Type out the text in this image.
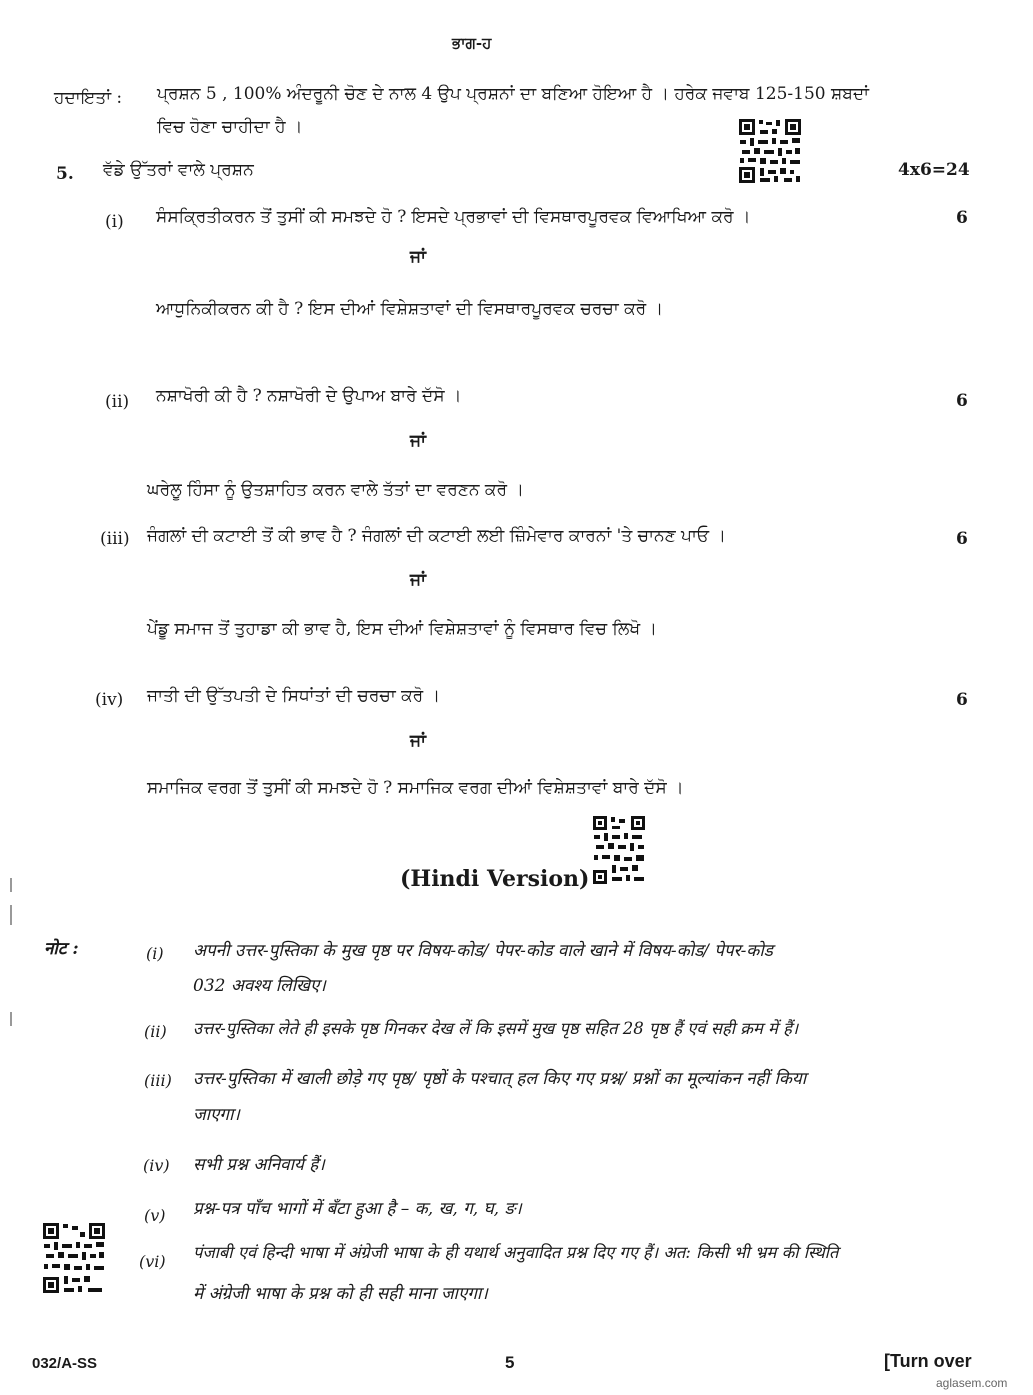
ਭਾਗ-ਹ
ਹਦਾਇਤਾਂ : ਪ੍ਰਸ਼ਨ 5 , 100% ਅੰਦਰੂਨੀ ਚੋਣ ਦੇ ਨਾਲ 4 ਉਪ ਪ੍ਰਸ਼ਨਾਂ ਦਾ ਬਣਿਆ ਹੋਇਆ ਹੈ । ਹਰੇਕ ਜਵਾਬ 125-150 ਸ਼ਬਦਾਂ
ਵਿਚ ਹੋਣਾ ਚਾਹੀਦਾ ਹੈ ।
5. ਵੱਡੇ ਉੱਤਰਾਂ ਵਾਲੇ ਪ੍ਰਸ਼ਨ	4x6=24
(i) ਸੰਸਕ੍ਰਿਤੀਕਰਨ ਤੋਂ ਤੁਸੀਂ ਕੀ ਸਮਝਦੇ ਹੋ ? ਇਸਦੇ ਪ੍ਰਭਾਵਾਂ ਦੀ ਵਿਸਥਾਰਪੂਰਵਕ ਵਿਆਖਿਆ ਕਰੋ ।	6
ਜਾਂ
ਆਧੁਨਿਕੀਕਰਨ ਕੀ ਹੈ ? ਇਸ ਦੀਆਂ ਵਿਸ਼ੇਸ਼ਤਾਵਾਂ ਦੀ ਵਿਸਥਾਰਪੂਰਵਕ ਚਰਚਾ ਕਰੋ ।
(ii) ਨਸ਼ਾਖੋਰੀ ਕੀ ਹੈ ? ਨਸ਼ਾਖੋਰੀ ਦੇ ਉਪਾਅ ਬਾਰੇ ਦੱਸੋ ।	6
ਜਾਂ
ਘਰੇਲੂ ਹਿੰਸਾ ਨੂੰ ਉਤਸ਼ਾਹਿਤ ਕਰਨ ਵਾਲੇ ਤੱਤਾਂ ਦਾ ਵਰਣਨ ਕਰੋ ।
(iii) ਜੰਗਲਾਂ ਦੀ ਕਟਾਈ ਤੋਂ ਕੀ ਭਾਵ ਹੈ ? ਜੰਗਲਾਂ ਦੀ ਕਟਾਈ ਲਈ ਜ਼ਿੰਮੇਵਾਰ ਕਾਰਨਾਂ 'ਤੇ ਚਾਨਣ ਪਾਓ ।	6
ਜਾਂ
ਪੇਂਡੂ ਸਮਾਜ ਤੋਂ ਤੁਹਾਡਾ ਕੀ ਭਾਵ ਹੈ, ਇਸ ਦੀਆਂ ਵਿਸ਼ੇਸ਼ਤਾਵਾਂ ਨੂੰ ਵਿਸਥਾਰ ਵਿਚ ਲਿਖੋ ।
(iv) ਜਾਤੀ ਦੀ ਉੱਤਪਤੀ ਦੇ ਸਿਧਾਂਤਾਂ ਦੀ ਚਰਚਾ ਕਰੋ ।	6
ਜਾਂ
ਸਮਾਜਿਕ ਵਰਗ ਤੋਂ ਤੁਸੀਂ ਕੀ ਸਮਝਦੇ ਹੋ ? ਸਮਾਜਿਕ ਵਰਗ ਦੀਆਂ ਵਿਸ਼ੇਸ਼ਤਾਵਾਂ ਬਾਰੇ ਦੱਸੋ ।
(Hindi Version)
नोट :	(i) अपनी उत्तर-पुस्तिका के मुख पृष्ठ पर विषय-कोड/ पेपर-कोड वाले खाने में विषय-कोड/ पेपर-कोड
032 अवश्य लिखिए।
(ii) उत्तर-पुस्तिका लेते ही इसके पृष्ठ गिनकर देख लें कि इसमें मुख पृष्ठ सहित 28 पृष्ठ हैं एवं सही क्रम में हैं।
(iii) उत्तर-पुस्तिका में खाली छोड़े गए पृष्ठ/ पृष्ठों के पश्चात् हल किए गए प्रश्न/ प्रश्नों का मूल्यांकन नहीं किया
जाएगा।
(iv) सभी प्रश्न अनिवार्य हैं।
(v) प्रश्न-पत्र पाँच भागों में बँटा हुआ है – क, ख, ग, घ, ङ।
(vi) पंजाबी एवं हिन्दी भाषा में अंग्रेजी भाषा के ही यथार्थ अनुवादित प्रश्न दिए गए हैं। अत: किसी भी भ्रम की स्थिति
में अंग्रेजी भाषा के प्रश्न को ही सही माना जाएगा।
032/A-SS	5	[Turn over
aglasem.com
